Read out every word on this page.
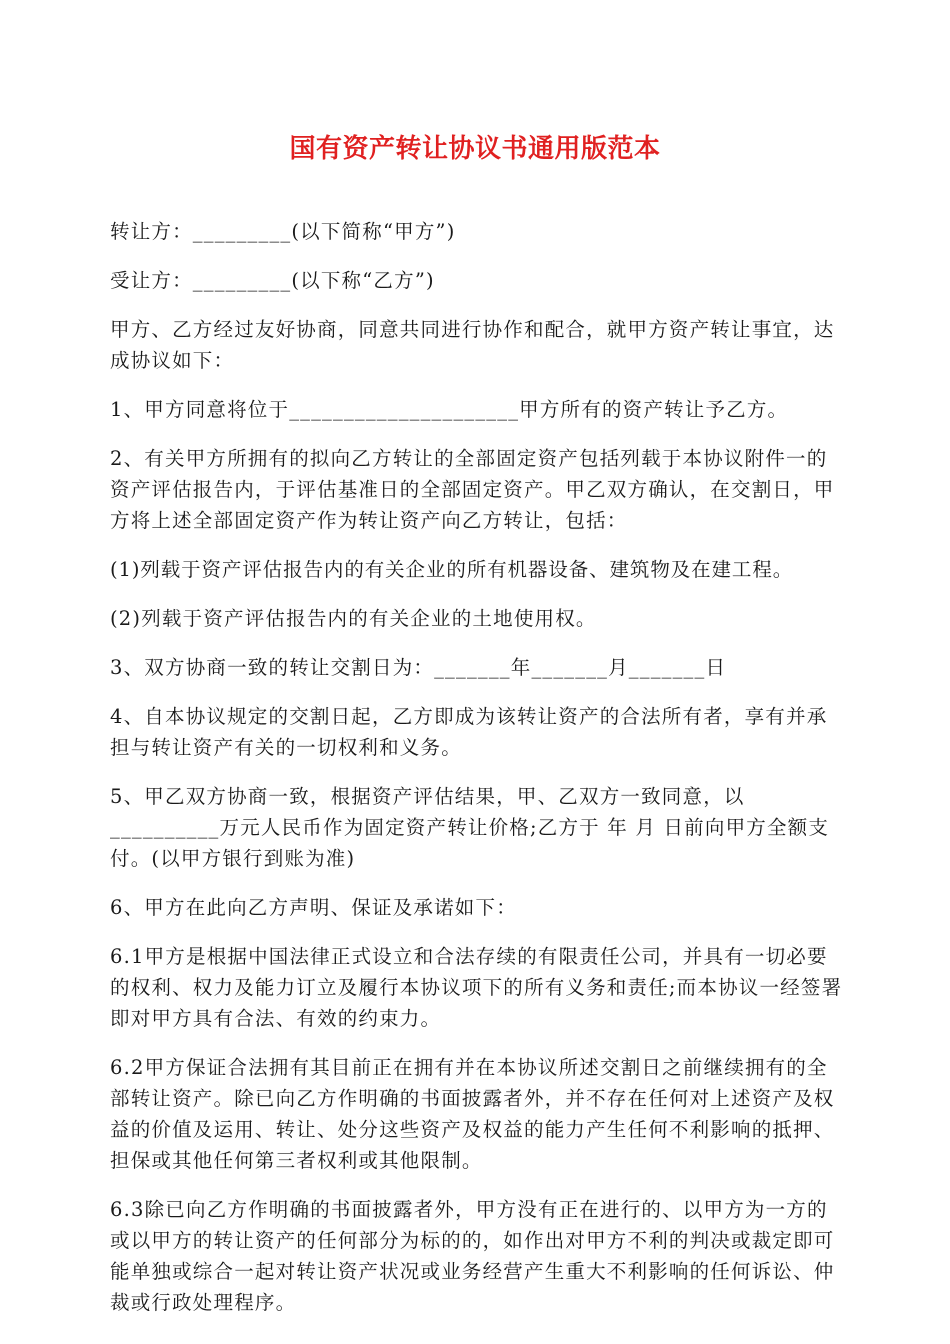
国有资产转让协议书通用版范本

转让方：_________(以下简称“甲方”)

受让方：_________(以下称“乙方”)

甲方、乙方经过友好协商，同意共同进行协作和配合，就甲方资产转让事宜，达成协议如下：

1、甲方同意将位于_____________________甲方所有的资产转让予乙方。

2、有关甲方所拥有的拟向乙方转让的全部固定资产包括列载于本协议附件一的资产评估报告内，于评估基准日的全部固定资产。甲乙双方确认，在交割日，甲方将上述全部固定资产作为转让资产向乙方转让，包括：

(1)列载于资产评估报告内的有关企业的所有机器设备、建筑物及在建工程。

(2)列载于资产评估报告内的有关企业的土地使用权。

3、双方协商一致的转让交割日为：_______年_______月_______日

4、自本协议规定的交割日起，乙方即成为该转让资产的合法所有者，享有并承担与转让资产有关的一切权利和义务。

5、甲乙双方协商一致，根据资产评估结果，甲、乙双方一致同意，以__________万元人民币作为固定资产转让价格;乙方于 年 月 日前向甲方全额支付。(以甲方银行到账为准)

6、甲方在此向乙方声明、保证及承诺如下：

6.1甲方是根据中国法律正式设立和合法存续的有限责任公司，并具有一切必要的权利、权力及能力订立及履行本协议项下的所有义务和责任;而本协议一经签署即对甲方具有合法、有效的约束力。

6.2甲方保证合法拥有其目前正在拥有并在本协议所述交割日之前继续拥有的全部转让资产。除已向乙方作明确的书面披露者外，并不存在任何对上述资产及权益的价值及运用、转让、处分这些资产及权益的能力产生任何不利影响的抵押、担保或其他任何第三者权利或其他限制。

6.3除已向乙方作明确的书面披露者外，甲方没有正在进行的、以甲方为一方的或以甲方的转让资产的任何部分为标的的，如作出对甲方不利的判决或裁定即可能单独或综合一起对转让资产状况或业务经营产生重大不利影响的任何诉讼、仲裁或行政处理程序。
